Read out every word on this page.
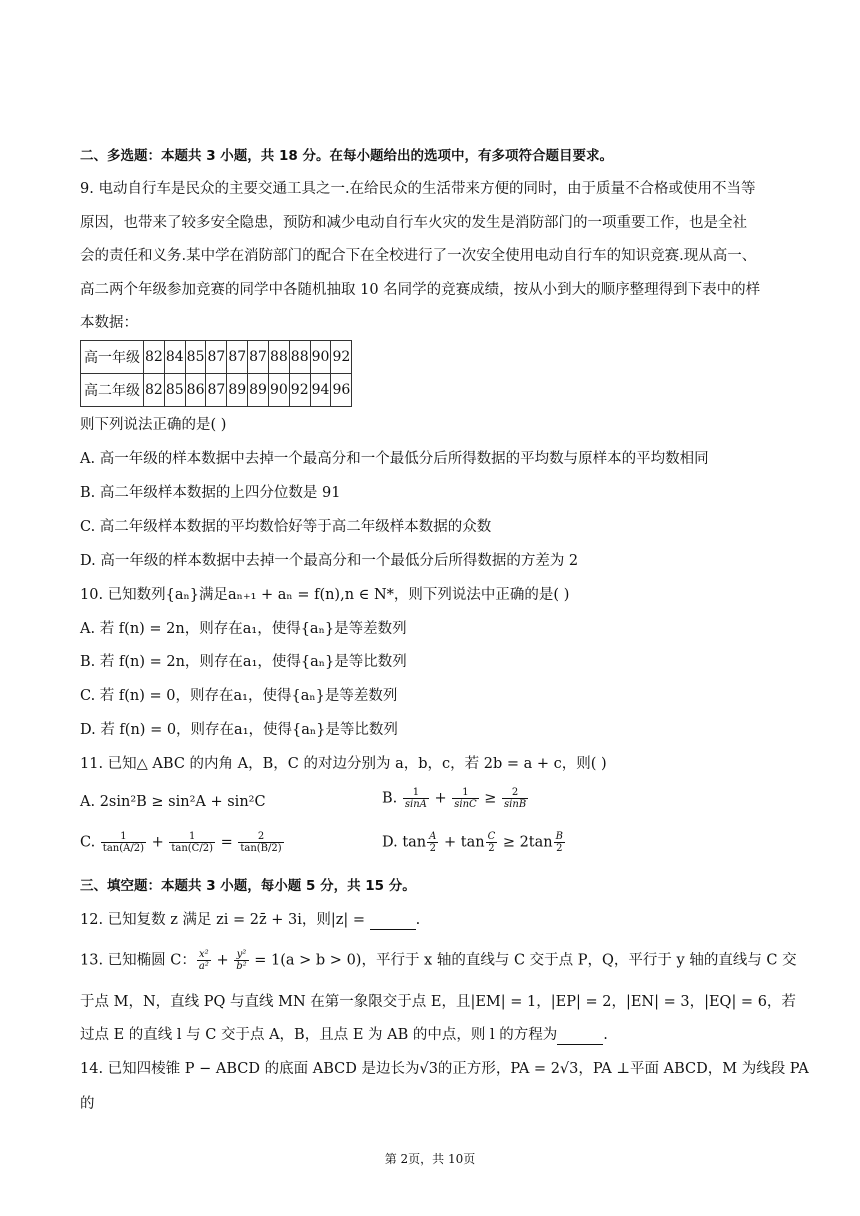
二、多选题：本题共 3 小题，共 18 分。在每小题给出的选项中，有多项符合题目要求。
9. 电动自行车是民众的主要交通工具之一.在给民众的生活带来方便的同时，由于质量不合格或使用不当等
原因，也带来了较多安全隐患，预防和减少电动自行车火灾的发生是消防部门的一项重要工作，也是全社
会的责任和义务.某中学在消防部门的配合下在全校进行了一次安全使用电动自行车的知识竞赛.现从高一、
高二两个年级参加竞赛的同学中各随机抽取 10 名同学的竞赛成绩，按从小到大的顺序整理得到下表中的样
本数据：
高一年级	82	84	85	87	87	87	88	88	90	92
高二年级	82	85	86	87	89	89	90	92	94	96
则下列说法正确的是( )
A. 高一年级的样本数据中去掉一个最高分和一个最低分后所得数据的平均数与原样本的平均数相同
B. 高二年级样本数据的上四分位数是 91
C. 高二年级样本数据的平均数恰好等于高二年级样本数据的众数
D. 高一年级的样本数据中去掉一个最高分和一个最低分后所得数据的方差为 2
10. 已知数列{aₙ}满足aₙ₊₁ + aₙ = f(n),n ∈ N*，则下列说法中正确的是( )
A. 若 f(n) = 2n，则存在a₁，使得{aₙ}是等差数列
B. 若 f(n) = 2n，则存在a₁，使得{aₙ}是等比数列
C. 若 f(n) = 0，则存在a₁，使得{aₙ}是等差数列
D. 若 f(n) = 0，则存在a₁，使得{aₙ}是等比数列
11. 已知△ ABC 的内角 A，B，C 的对边分别为 a，b，c，若 2b = a + c，则( )
A. 2sin²B ≥ sin²A + sin²C	B. $\frac{1}{\sin A} + \frac{1}{\sin C} \ge \frac{2}{\sin B}$
C. $\frac{1}{\tan(A/2)} + \frac{1}{\tan(C/2)} = \frac{2}{\tan(B/2)}$	D. $\tan \frac{A}{2} + \tan \frac{C}{2} \ge 2\tan \frac{B}{2}$
三、填空题：本题共 3 小题，每小题 5 分，共 15 分。
12. 已知复数 z 满足 zi = 2z̄ + 3i，则|z| =	.
13. 已知椭圆 C： $\frac{\text{x²}}{\text{a²}} + \frac{\text{y²}}{\text{b²}} = 1(a > b > 0)$，平行于 x 轴的直线与 C 交于点 P，Q，平行于 y 轴的直线与 C 交
于点 M，N，直线 PQ 与直线 MN 在第一象限交于点 E，且|EM| = 1，|EP| = 2，|EN| = 3，|EQ| = 6，若
过点 E 的直线 l 与 C 交于点 A，B，且点 E 为 AB 的中点，则 l 的方程为	.
14. 已知四棱锥 P − ABCD 的底面 ABCD 是边长为√3的正方形，PA = 2√3，PA ⊥平面 ABCD，M 为线段 PA
的
第 2页，共 10页
